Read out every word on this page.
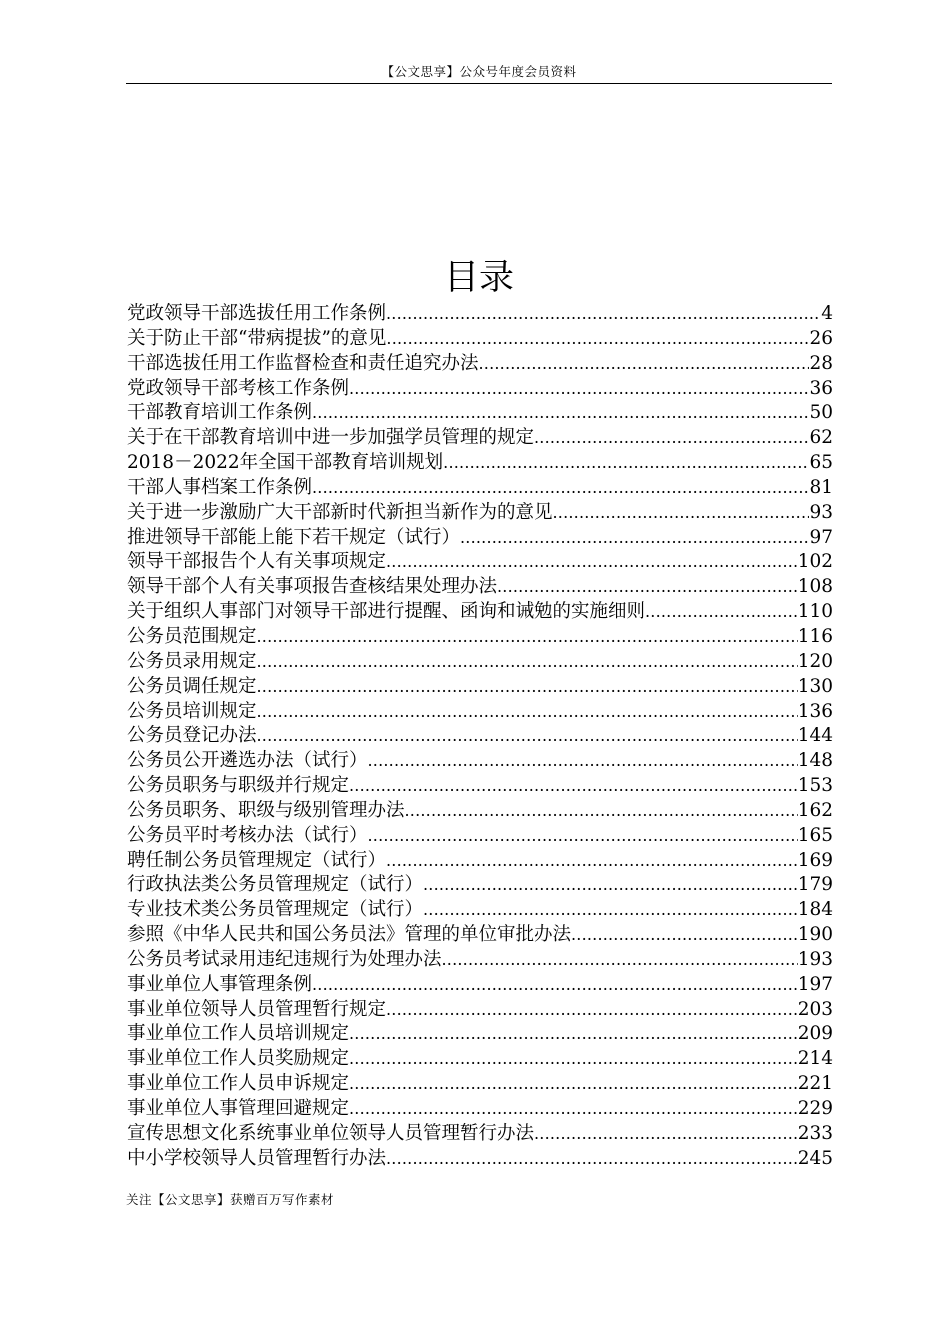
【公文思享】公众号年度会员资料
目录
党政领导干部选拔任用工作条例 .....	4
关于防止干部“带病提拔”的意见 .....	26
干部选拔任用工作监督检查和责任追究办法 .....	28
党政领导干部考核工作条例 .....	36
干部教育培训工作条例 .....	50
关于在干部教育培训中进一步加强学员管理的规定 .....	62
2018－2022年全国干部教育培训规划 .....	65
干部人事档案工作条例 .....	81
关于进一步激励广大干部新时代新担当新作为的意见 .....	93
推进领导干部能上能下若干规定（试行） .....	97
领导干部报告个人有关事项规定 .....	102
领导干部个人有关事项报告查核结果处理办法 .....	108
关于组织人事部门对领导干部进行提醒、函询和诫勉的实施细则 .....	110
公务员范围规定 .....	116
公务员录用规定 .....	120
公务员调任规定 .....	130
公务员培训规定 .....	136
公务员登记办法 .....	144
公务员公开遴选办法（试行） .....	148
公务员职务与职级并行规定 .....	153
公务员职务、职级与级别管理办法 .....	162
公务员平时考核办法（试行） .....	165
聘任制公务员管理规定（试行） .....	169
行政执法类公务员管理规定（试行） .....	179
专业技术类公务员管理规定（试行） .....	184
参照《中华人民共和国公务员法》管理的单位审批办法 .....	190
公务员考试录用违纪违规行为处理办法 .....	193
事业单位人事管理条例 .....	197
事业单位领导人员管理暂行规定 .....	203
事业单位工作人员培训规定 .....	209
事业单位工作人员奖励规定 .....	214
事业单位工作人员申诉规定 .....	221
事业单位人事管理回避规定 .....	229
宣传思想文化系统事业单位领导人员管理暂行办法 .....	233
中小学校领导人员管理暂行办法 .....	245
关注【公文思享】获赠百万写作素材
